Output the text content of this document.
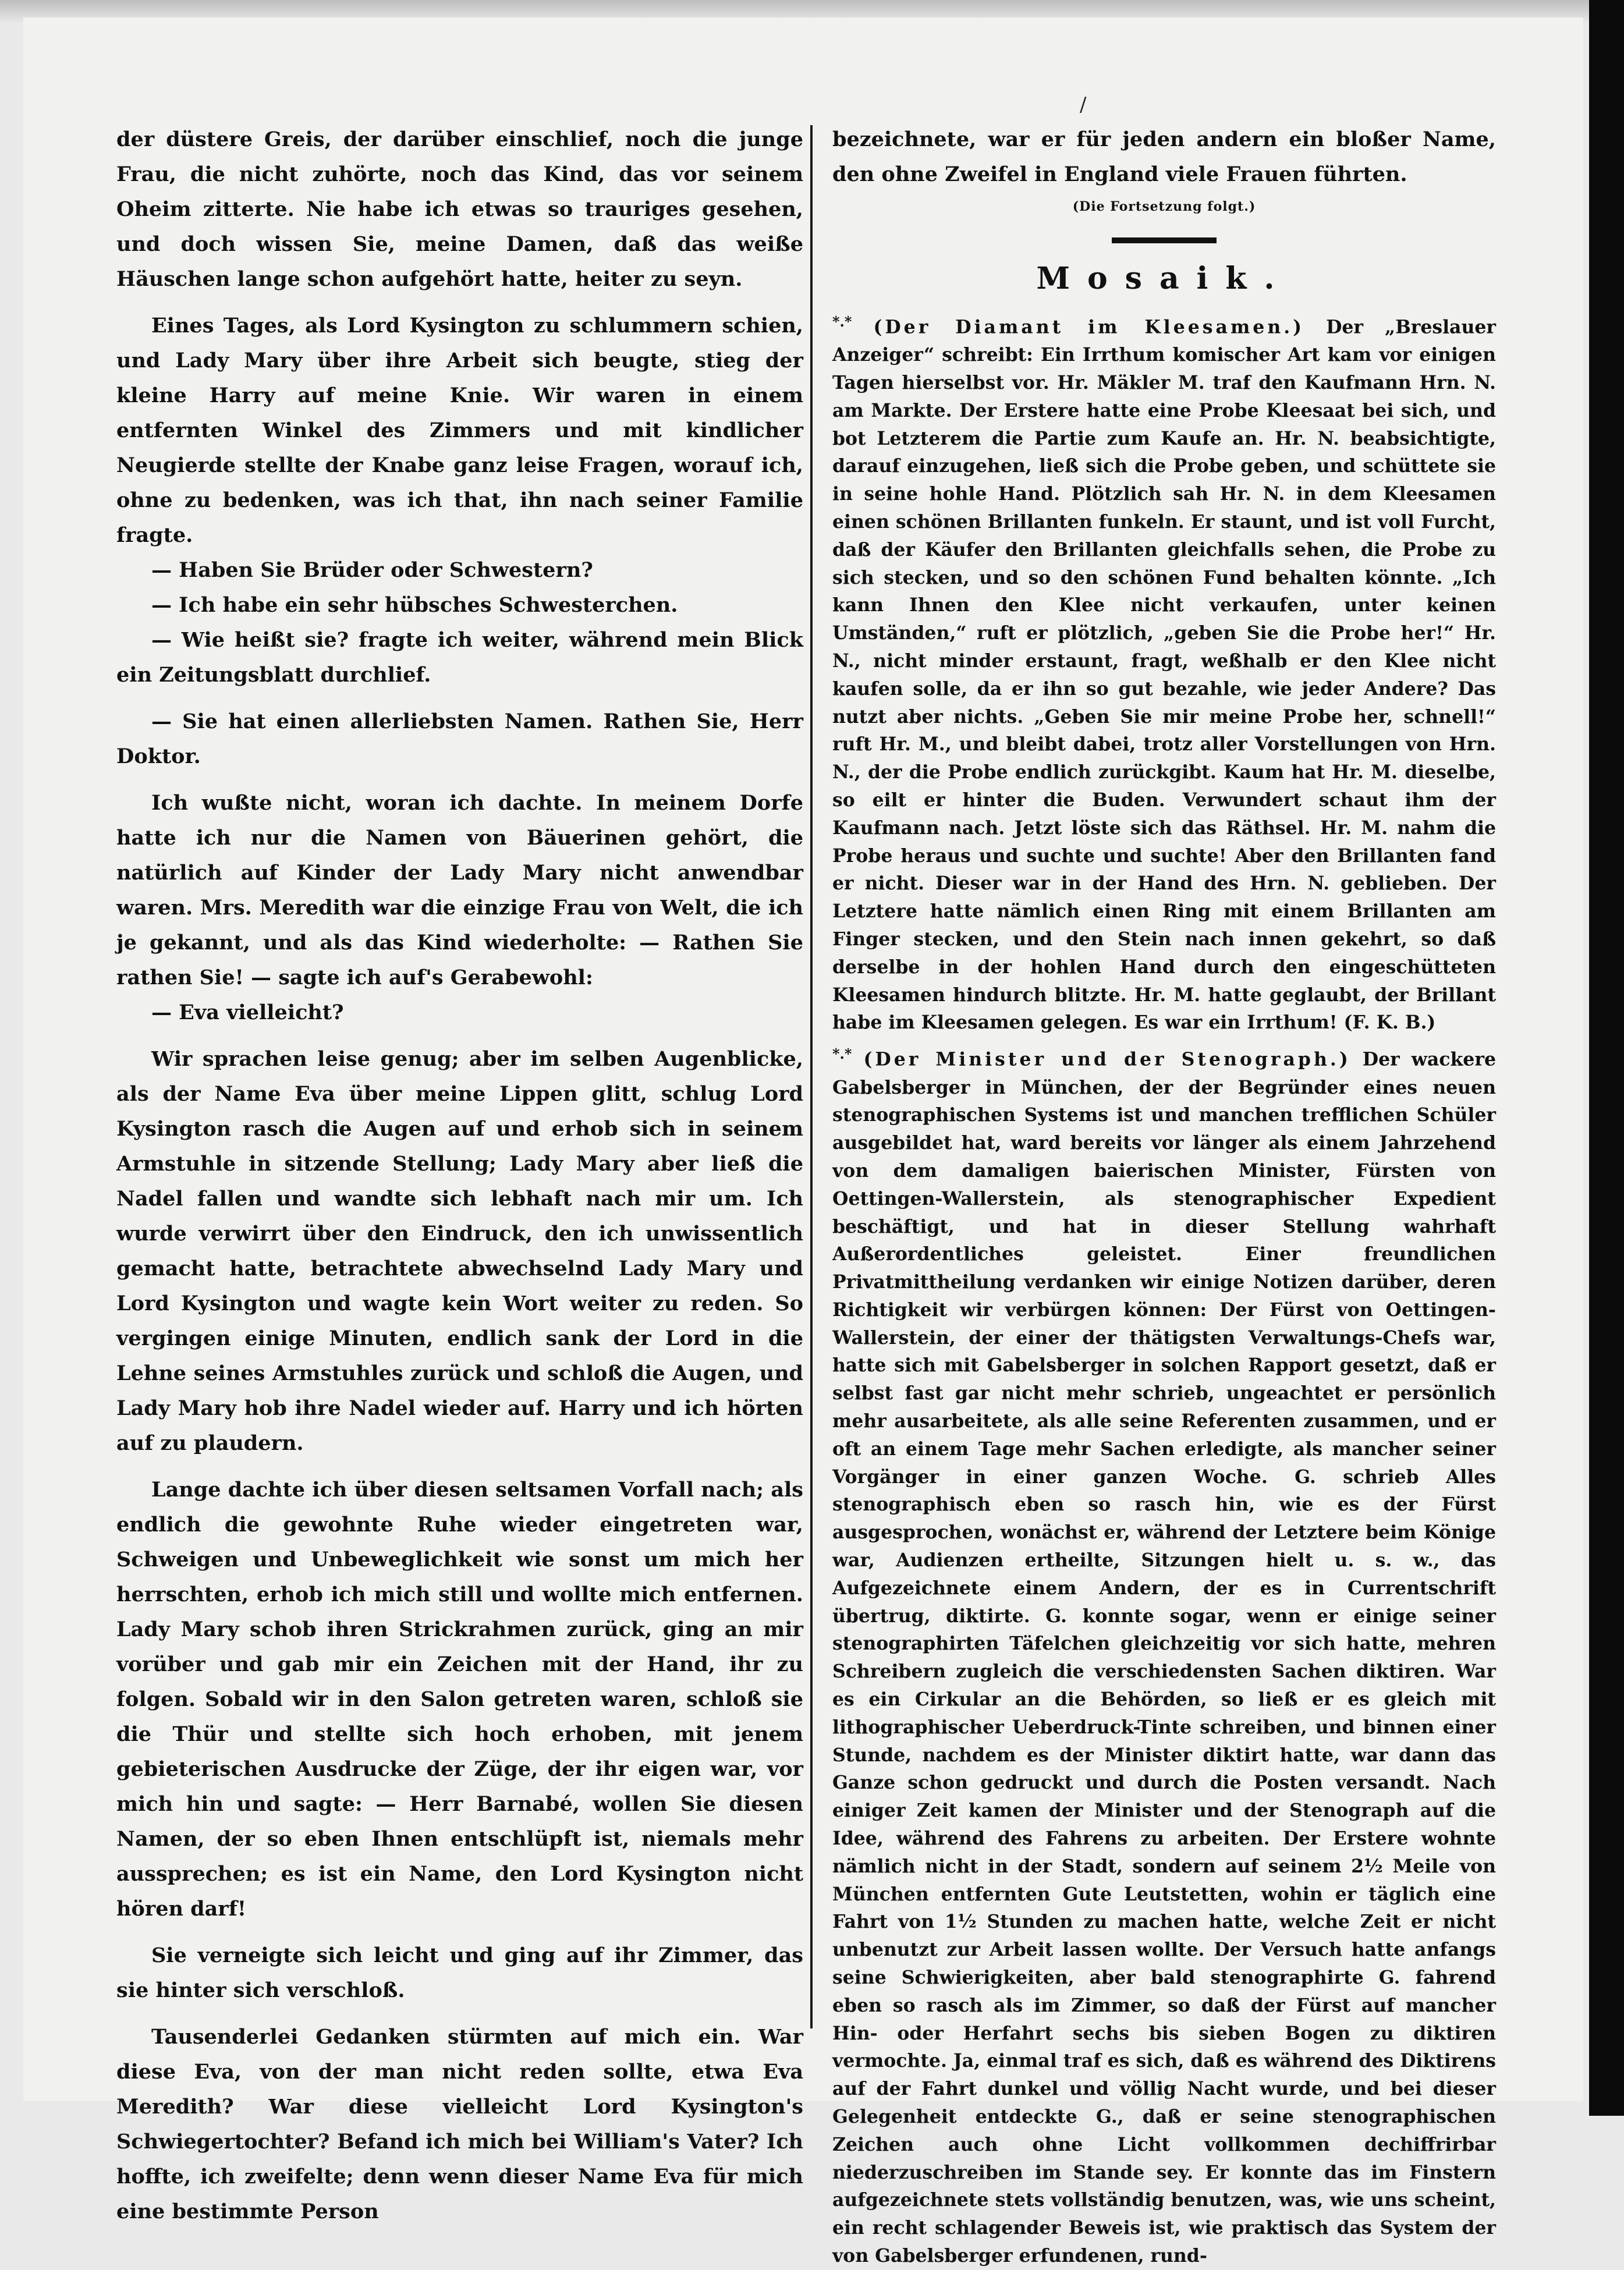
/

der düstere Greis, der darüber einschlief, noch die junge Frau, die nicht zuhörte, noch das Kind, das vor seinem Oheim zitterte. Nie habe ich etwas so trauriges gesehen, und doch wissen Sie, meine Damen, daß das weiße Häuschen lange schon aufgehört hatte, heiter zu seyn.

Eines Tages, als Lord Kysington zu schlummern schien, und Lady Mary über ihre Arbeit sich beugte, stieg der kleine Harry auf meine Knie. Wir waren in einem entfernten Winkel des Zimmers und mit kindlicher Neugierde stellte der Knabe ganz leise Fragen, worauf ich, ohne zu bedenken, was ich that, ihn nach seiner Familie fragte.

— Haben Sie Brüder oder Schwestern?

— Ich habe ein sehr hübsches Schwesterchen.

— Wie heißt sie? fragte ich weiter, während mein Blick ein Zeitungsblatt durchlief.

— Sie hat einen allerliebsten Namen. Rathen Sie, Herr Doktor.

Ich wußte nicht, woran ich dachte. In meinem Dorfe hatte ich nur die Namen von Bäuerinen gehört, die natürlich auf Kinder der Lady Mary nicht anwendbar waren. Mrs. Meredith war die einzige Frau von Welt, die ich je gekannt, und als das Kind wiederholte: — Rathen Sie rathen Sie! — sagte ich auf's Gerabewohl:

— Eva vielleicht?

Wir sprachen leise genug; aber im selben Augenblicke, als der Name Eva über meine Lippen glitt, schlug Lord Kysington rasch die Augen auf und erhob sich in seinem Armstuhle in sitzende Stellung; Lady Mary aber ließ die Nadel fallen und wandte sich lebhaft nach mir um. Ich wurde verwirrt über den Eindruck, den ich unwissentlich gemacht hatte, betrachtete abwechselnd Lady Mary und Lord Kysington und wagte kein Wort weiter zu reden. So vergingen einige Minuten, endlich sank der Lord in die Lehne seines Armstuhles zurück und schloß die Augen, und Lady Mary hob ihre Nadel wieder auf. Harry und ich hörten auf zu plaudern.

Lange dachte ich über diesen seltsamen Vorfall nach; als endlich die gewohnte Ruhe wieder eingetreten war, Schweigen und Unbeweglichkeit wie sonst um mich her herrschten, erhob ich mich still und wollte mich entfernen. Lady Mary schob ihren Strickrahmen zurück, ging an mir vorüber und gab mir ein Zeichen mit der Hand, ihr zu folgen. Sobald wir in den Salon getreten waren, schloß sie die Thür und stellte sich hoch erhoben, mit jenem gebieterischen Ausdrucke der Züge, der ihr eigen war, vor mich hin und sagte: — Herr Barnabé, wollen Sie diesen Namen, der so eben Ihnen entschlüpft ist, niemals mehr aussprechen; es ist ein Name, den Lord Kysington nicht hören darf!

Sie verneigte sich leicht und ging auf ihr Zimmer, das sie hinter sich verschloß.

Tausenderlei Gedanken stürmten auf mich ein. War diese Eva, von der man nicht reden sollte, etwa Eva Meredith? War diese vielleicht Lord Kysington's Schwiegertochter? Befand ich mich bei William's Vater? Ich hoffte, ich zweifelte; denn wenn dieser Name Eva für mich eine bestimmte Person

bezeichnete, war er für jeden andern ein bloßer Name, den ohne Zweifel in England viele Frauen führten.

(Die Fortsetzung folgt.)

Mosaik.

*.* (Der Diamant im Kleesamen.) Der „Breslauer Anzeiger“ schreibt: Ein Irrthum komischer Art kam vor einigen Tagen hierselbst vor. Hr. Mäkler M. traf den Kaufmann Hrn. N. am Markte. Der Erstere hatte eine Probe Kleesaat bei sich, und bot Letzterem die Partie zum Kaufe an. Hr. N. beabsichtigte, darauf einzugehen, ließ sich die Probe geben, und schüttete sie in seine hohle Hand. Plötzlich sah Hr. N. in dem Kleesamen einen schönen Brillanten funkeln. Er staunt, und ist voll Furcht, daß der Käufer den Brillanten gleichfalls sehen, die Probe zu sich stecken, und so den schönen Fund behalten könnte. „Ich kann Ihnen den Klee nicht verkaufen, unter keinen Umständen,“ ruft er plötzlich, „geben Sie die Probe her!“ Hr. N., nicht minder erstaunt, fragt, weßhalb er den Klee nicht kaufen solle, da er ihn so gut bezahle, wie jeder Andere? Das nutzt aber nichts. „Geben Sie mir meine Probe her, schnell!“ ruft Hr. M., und bleibt dabei, trotz aller Vorstellungen von Hrn. N., der die Probe endlich zurückgibt. Kaum hat Hr. M. dieselbe, so eilt er hinter die Buden. Verwundert schaut ihm der Kaufmann nach. Jetzt löste sich das Räthsel. Hr. M. nahm die Probe heraus und suchte und suchte! Aber den Brillanten fand er nicht. Dieser war in der Hand des Hrn. N. geblieben. Der Letztere hatte nämlich einen Ring mit einem Brillanten am Finger stecken, und den Stein nach innen gekehrt, so daß derselbe in der hohlen Hand durch den eingeschütteten Kleesamen hindurch blitzte. Hr. M. hatte geglaubt, der Brillant habe im Kleesamen gelegen. Es war ein Irrthum! (F. K. B.)

*.* (Der Minister und der Stenograph.) Der wackere Gabelsberger in München, der der Begründer eines neuen stenographischen Systems ist und manchen trefflichen Schüler ausgebildet hat, ward bereits vor länger als einem Jahrzehend von dem damaligen baierischen Minister, Fürsten von Oettingen-Wallerstein, als stenographischer Expedient beschäftigt, und hat in dieser Stellung wahrhaft Außerordentliches geleistet. Einer freundlichen Privatmittheilung verdanken wir einige Notizen darüber, deren Richtigkeit wir verbürgen können: Der Fürst von Oettingen-Wallerstein, der einer der thätigsten Verwaltungs-Chefs war, hatte sich mit Gabelsberger in solchen Rapport gesetzt, daß er selbst fast gar nicht mehr schrieb, ungeachtet er persönlich mehr ausarbeitete, als alle seine Referenten zusammen, und er oft an einem Tage mehr Sachen erledigte, als mancher seiner Vorgänger in einer ganzen Woche. G. schrieb Alles stenographisch eben so rasch hin, wie es der Fürst ausgesprochen, wonächst er, während der Letztere beim Könige war, Audienzen ertheilte, Sitzungen hielt u. s. w., das Aufgezeichnete einem Andern, der es in Currentschrift übertrug, diktirte. G. konnte sogar, wenn er einige seiner stenographirten Täfelchen gleichzeitig vor sich hatte, mehren Schreibern zugleich die verschiedensten Sachen diktiren. War es ein Cirkular an die Behörden, so ließ er es gleich mit lithographischer Ueberdruck-Tinte schreiben, und binnen einer Stunde, nachdem es der Minister diktirt hatte, war dann das Ganze schon gedruckt und durch die Posten versandt. Nach einiger Zeit kamen der Minister und der Stenograph auf die Idee, während des Fahrens zu arbeiten. Der Erstere wohnte nämlich nicht in der Stadt, sondern auf seinem 2½ Meile von München entfernten Gute Leutstetten, wohin er täglich eine Fahrt von 1½ Stunden zu machen hatte, welche Zeit er nicht unbenutzt zur Arbeit lassen wollte. Der Versuch hatte anfangs seine Schwierigkeiten, aber bald stenographirte G. fahrend eben so rasch als im Zimmer, so daß der Fürst auf mancher Hin- oder Herfahrt sechs bis sieben Bogen zu diktiren vermochte. Ja, einmal traf es sich, daß es während des Diktirens auf der Fahrt dunkel und völlig Nacht wurde, und bei dieser Gelegenheit entdeckte G., daß er seine stenographischen Zeichen auch ohne Licht vollkommen dechiffrirbar niederzuschreiben im Stande sey. Er konnte das im Finstern aufgezeichnete stets vollständig benutzen, was, wie uns scheint, ein recht schlagender Beweis ist, wie praktisch das System der von Gabelsberger erfundenen, rund-
